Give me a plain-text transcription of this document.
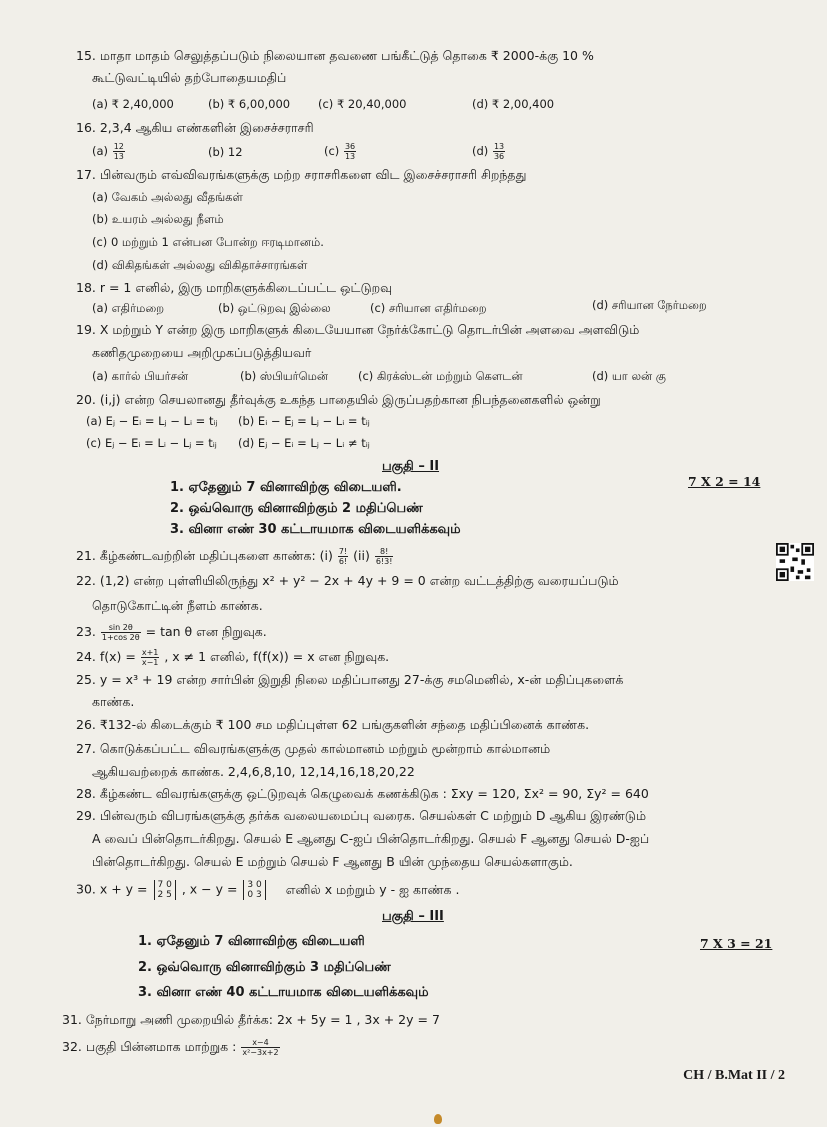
15. மாதா மாதம் செலுத்தப்படும் நிலையான தவணை பங்கீட்டுத் தொகை ₹ 2000-க்கு 10 %
கூட்டுவட்டியில் தற்போதையமதிப்
(a) ₹ 2,40,000	(b) ₹ 6,00,000 (c) ₹ 20,40,000	(d) ₹ 2,00,400
16. 2,3,4 ஆகிய எண்களின் இசைச்சராசரி
$(a) \frac{12}{13}$	(b) 12	$(c) \frac{36}{13}$	$(d) \frac{13}{36}$
17. பின்வரும் எவ்விவரங்களுக்கு மற்ற சராசரிகளை விட இசைச்சராசரி சிறந்தது
(a) வேகம் அல்லது வீதங்கள்
(b) உயரம் அல்லது நீளம்
(c) 0 மற்றும் 1 என்பன போன்ற ஈரடிமானம்.
(d) விகிதங்கள் அல்லது விகிதாச்சாரங்கள்
18. r = 1 எனில், இரு மாறிகளுக்கிடைப்பட்ட ஒட்டுறவு
(a) எதிர்மறை	(b) ஒட்டுறவு இல்லை	(c) சரியான எதிர்மறை	(d) சரியான நேர்மறை
19. X மற்றும் Y என்ற இரு மாறிகளுக் கிடையேயான நேர்க்கோட்டு தொடர்பின் அளவை அளவிடும்
கணிதமுறையை அறிமுகப்படுத்தியவர்
(a) கார்ல் பியர்சன்	(b) ஸ்பியர்மென்	(c) கிரக்ஸ்டன் மற்றும் கௌடன்	(d) யா லன் கு
20. (i,j) என்ற செயலானது தீர்வுக்கு உகந்த பாதையில் இருப்பதற்கான நிபந்தனைகளில் ஒன்று
(a) Eⱼ − Eᵢ = Lⱼ − Lᵢ = tᵢⱼ (b) Eᵢ − Eⱼ = Lⱼ − Lᵢ = tᵢⱼ
(c) Eⱼ − Eᵢ = Lᵢ − Lⱼ = tᵢⱼ (d) Eⱼ − Eᵢ = Lⱼ − Lᵢ ≠ tᵢⱼ
பகுதி – II
1. ஏதேனும் 7 வினாவிற்கு விடையளி.	7 X 2 = 14
2. ஒவ்வொரு வினாவிற்கும் 2 மதிப்பெண்
3. வினா எண் 30 கட்டாயமாக விடையளிக்கவும்
21. கீழ்கண்டவற்றின் மதிப்புகளை காண்க: $(i) \frac{7!}{6!} (ii) \frac{8!}{6!3!}$
22. (1,2) என்ற புள்ளியிலிருந்து x² + y² − 2x + 4y + 9 = 0 என்ற வட்டத்திற்கு வரையப்படும்
தொடுகோட்டின் நீளம் காண்க.
23. $\frac{\sin 2\theta}{1+\cos 2\theta} = \tan \theta$ என நிறுவுக.
24. $f(x) = \frac{x+1}{x-1}$ , x ≠ 1 எனில், f(f(x)) = x என நிறுவுக.
25. y = x³ + 19 என்ற சார்பின் இறுதி நிலை மதிப்பானது 27-க்கு சமமெனில், x-ன் மதிப்புகளைக்
காண்க.
26. ₹132-ல் கிடைக்கும் ₹ 100 சம மதிப்புள்ள 62 பங்குகளின் சந்தை மதிப்பினைக் காண்க.
27. கொடுக்கப்பட்ட விவரங்களுக்கு முதல் கால்மானம் மற்றும் மூன்றாம் கால்மானம்
ஆகியவற்றைக் காண்க. 2,4,6,8,10, 12,14,16,18,20,22
28. கீழ்கண்ட விவரங்களுக்கு ஒட்டுறவுக் கெழுவைக் கணக்கிடுக : Σxy = 120, Σx² = 90, Σy² = 640
29. பின்வரும் விபரங்களுக்கு தர்க்க வலையமைப்பு வரைக. செயல்கள் C மற்றும் D ஆகிய இரண்டும்
A வைப் பின்தொடர்கிறது. செயல் E ஆனது C-ஐப் பின்தொடர்கிறது. செயல் F ஆனது செயல் D-ஐப்
பின்தொடர்கிறது. செயல் E மற்றும் செயல் F ஆனது B யின் முந்தைய செயல்களாகும்.
30. x + y = 7 0
2 5 , x − y = 3 0
0 3 எனில் x மற்றும் y - ஐ காண்க .
பகுதி – III
1. ஏதேனும் 7 வினாவிற்கு விடையளி	7 X 3 = 21
2. ஒவ்வொரு வினாவிற்கும் 3 மதிப்பெண்
3. வினா எண் 40 கட்டாயமாக விடையளிக்கவும்
31. நேர்மாறு அணி முறையில் தீர்க்க: 2x + 5y = 1 , 3x + 2y = 7
32. பகுதி பின்னமாக மாற்றுக : $\frac{x-4}{\text{x²−3x+2}}$
CH / B.Mat II / 2
